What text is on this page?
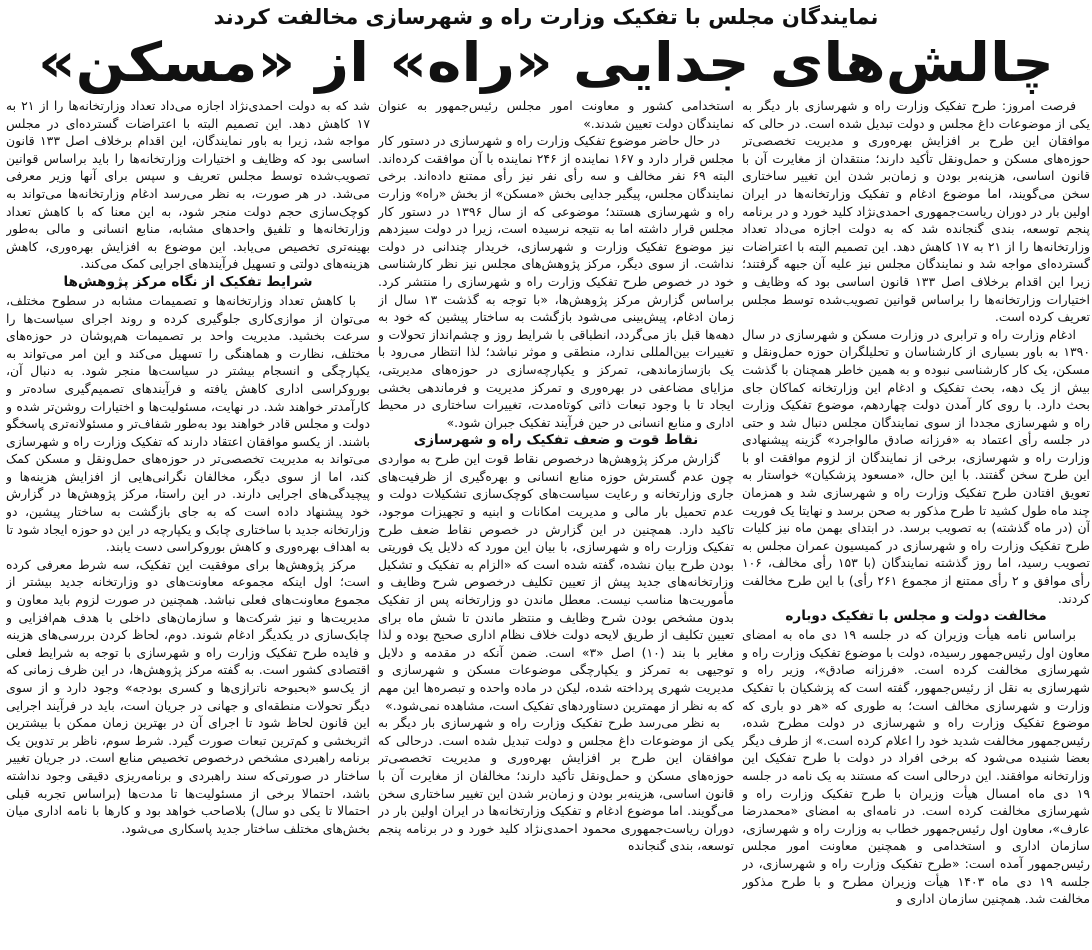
نمایندگان مجلس با تفکیک وزارت راه و شهرسازی مخالفت کردند
چالش‌های جدایی «راه» از «مسکن»

فرصت امروز: طرح تفکیک وزارت راه و شهرسازی بار دیگر به یکی از موضوعات داغ مجلس و دولت تبدیل شده است. در حالی که موافقان این طرح بر افزایش بهره‌وری و مدیریت تخصصی‌تر حوزه‌های مسکن و حمل‌ونقل تأکید دارند؛ منتقدان از مغایرت آن با قانون اساسی، هزینه‌بر بودن و زمان‌بر شدن این تغییر ساختاری سخن می‌گویند، اما موضوع ادغام و تفکیک وزارتخانه‌ها در ایران اولین بار در دوران ریاست‌جمهوری احمدی‌نژاد کلید خورد و در برنامه پنجم توسعه، بندی گنجانده شد که به دولت اجازه می‌داد تعداد وزارتخانه‌ها را از ۲۱ به ۱۷ کاهش دهد. این تصمیم البته با اعتراضات گسترده‌ای مواجه شد و نمایندگان مجلس نیز علیه آن جبهه گرفتند؛ زیرا این اقدام برخلاف اصل ۱۳۳ قانون اساسی بود که وظایف و اختیارات وزارتخانه‌ها را براساس قوانین تصویب‌شده توسط مجلس تعریف کرده است.

ادغام وزارت راه و ترابری در وزارت مسکن و شهرسازی در سال ۱۳۹۰ به باور بسیاری از کارشناسان و تحلیلگران حوزه حمل‌ونقل و مسکن، یک کار کارشناسی نبوده و به همین خاطر همچنان با گذشت بیش از یک دهه، بحث تفکیک و ادغام این وزارتخانه کماکان جای بحث دارد. با روی کار آمدن دولت چهاردهم، موضوع تفکیک وزارت راه و شهرسازی مجددا از سوی نمایندگان مجلس دنبال شد و حتی در جلسه رأی اعتماد به «فرزانه صادق مالواجرد» گزینه پیشنهادی وزارت راه و شهرسازی، برخی از نمایندگان از لزوم موافقت او با این طرح سخن گفتند. با این حال، «مسعود پزشکیان» خواستار به تعویق افتادن طرح تفکیک وزارت راه و شهرسازی شد و همزمان چند ماه طول کشید تا طرح مذکور به صحن برسد و نهایتا یک فوریت آن (در ماه گذشته) به تصویب برسد. در ابتدای بهمن ماه نیز کلیات طرح تفکیک وزارت راه و شهرسازی در کمیسیون عمران مجلس به تصویب رسید، اما روز گذشته نمایندگان (با ۱۵۳ رأی مخالف، ۱۰۶ رأی موافق و ۲ رأی ممتنع از مجموع ۲۶۱ رأی) با این طرح مخالفت کردند.

مخالفت دولت و مجلس با تفکیک دوباره

براساس نامه هیأت وزیران که در جلسه ۱۹ دی ماه به امضای معاون اول رئیس‌جمهور رسیده، دولت با موضوع تفکیک وزارت راه و شهرسازی مخالفت کرده است. «فرزانه صادق»، وزیر راه و شهرسازی به نقل از رئیس‌جمهور، گفته است که پزشکیان با تفکیک وزارت و شهرسازی مخالف است؛ به طوری که «هر دو باری که موضوع تفکیک وزارت راه و شهرسازی در دولت مطرح شده، رئیس‌جمهور مخالفت شدید خود را اعلام کرده است.» از طرف دیگر بعضا شنیده می‌شود که برخی افراد در دولت با طرح تفکیک این وزارتخانه موافقند. این درحالی است که مستند به یک نامه در جلسه ۱۹ دی ماه امسال هیأت وزیران با طرح تفکیک وزارت راه و شهرسازی مخالفت کرده است. در نامه‌ای به امضای «محمدرضا عارف»، معاون اول رئیس‌جمهور خطاب به وزارت راه و شهرسازی، سازمان اداری و استخدامی و همچنین معاونت امور مجلس رئیس‌جمهور آمده است: «طرح تفکیک وزارت راه و شهرسازی، در جلسه ۱۹ دی ماه ۱۴۰۳ هیأت وزیران مطرح و با طرح مذکور مخالفت شد. همچنین سازمان اداری و

استخدامی کشور و معاونت امور مجلس رئیس‌جمهور به عنوان نمایندگان دولت تعیین شدند.»

در حال حاضر موضوع تفکیک وزارت راه و شهرسازی در دستور کار مجلس قرار دارد و ۱۶۷ نماینده از ۲۴۶ نماینده با آن موافقت کرده‌اند. البته ۶۹ نفر مخالف و سه رأی نفر نیز رأی ممتنع داده‌اند. برخی نمایندگان مجلس، پیگیر جدایی بخش «مسکن» از بخش «راه» وزارت راه و شهرسازی هستند؛ موضوعی که از سال ۱۳۹۶ در دستور کار مجلس قرار داشته اما به نتیجه نرسیده است، زیرا در دولت سیزدهم نیز موضوع تفکیک وزارت و شهرسازی، خریدار چندانی در دولت نداشت. از سوی دیگر، مرکز پژوهش‌های مجلس نیز نظر کارشناسی خود در خصوص طرح تفکیک وزارت راه و شهرسازی را منتشر کرد. براساس گزارش مرکز پژوهش‌ها، «با توجه به گذشت ۱۳ سال از زمان ادغام، پیش‌بینی می‌شود بازگشت به ساختار پیشین که خود به دهه‌ها قبل باز می‌گردد، انطباقی با شرایط روز و چشم‌انداز تحولات و تغییرات بین‌المللی ندارد، منطقی و موثر نباشد؛ لذا انتظار می‌رود با یک بازسازماندهی، تمرکز و یکپارچه‌سازی در حوزه‌های مدیریتی، مزایای مضاعفی در بهره‌وری و تمرکز مدیریت و فرماندهی بخشی ایجاد تا با وجود تبعات ذاتی کوتاه‌مدت، تغییرات ساختاری در محیط اداری و منابع انسانی در حین فرآیند تفکیک جبران شود.»

نقاط قوت و ضعف تفکیک راه و شهرسازی

گزارش مرکز پژوهش‌ها درخصوص نقاط قوت این طرح به مواردی چون عدم گسترش حوزه منابع انسانی و بهره‌گیری از ظرفیت‌های جاری وزارتخانه و رعایت سیاست‌های کوچک‌سازی تشکیلات دولت و عدم تحمیل بار مالی و مدیریت امکانات و ابنیه و تجهیزات موجود، تاکید دارد. همچنین در این گزارش در خصوص نقاط ضعف طرح تفکیک وزارت راه و شهرسازی، با بیان این مورد که دلایل یک فوریتی بودن طرح بیان نشده، گفته شده است که «الزام به تفکیک و تشکیل وزارتخانه‌های جدید پیش از تعیین تکلیف درخصوص شرح وظایف و مأموریت‌ها مناسب نیست. معطل ماندن دو وزارتخانه پس از تفکیک بدون مشخص بودن شرح وظایف و منتظر ماندن تا شش ماه برای تعیین تکلیف از طریق لایحه دولت خلاف نظام اداری صحیح بوده و لذا مغایر با بند (۱۰) اصل «۳» است. ضمن آنکه در مقدمه و دلایل توجیهی به تمرکز و یکپارچگی موضوعات مسکن و شهرسازی و مدیریت شهری پرداخته شده، لیکن در ماده واحده و تبصره‌ها این مهم که به نظر از مهمترین دستاوردهای تفکیک است، مشاهده نمی‌شود.»

به نظر می‌رسد طرح تفکیک وزارت راه و شهرسازی بار دیگر به یکی از موضوعات داغ مجلس و دولت تبدیل شده است. درحالی که موافقان این طرح بر افزایش بهره‌وری و مدیریت تخصصی‌تر حوزه‌های مسکن و حمل‌ونقل تأکید دارند؛ مخالفان از مغایرت آن با قانون اساسی، هزینه‌بر بودن و زمان‌بر شدن این تغییر ساختاری سخن می‌گویند. اما موضوع ادغام و تفکیک وزارتخانه‌ها در ایران اولین بار در دوران ریاست‌جمهوری محمود احمدی‌نژاد کلید خورد و در برنامه پنجم توسعه، بندی گنجانده

شد که به دولت احمدی‌نژاد اجازه می‌داد تعداد وزارتخانه‌ها را از ۲۱ به ۱۷ کاهش دهد. این تصمیم البته با اعتراضات گسترده‌ای در مجلس مواجه شد، زیرا به باور نمایندگان، این اقدام برخلاف اصل ۱۳۳ قانون اساسی بود که وظایف و اختیارات وزارتخانه‌ها را باید براساس قوانین تصویب‌شده توسط مجلس تعریف و سپس برای آنها وزیر معرفی می‌شد. در هر صورت، به نظر می‌رسد ادغام وزارتخانه‌ها می‌تواند به کوچک‌سازی حجم دولت منجر شود، به این معنا که با کاهش تعداد وزارتخانه‌ها و تلفیق واحدهای مشابه، منابع انسانی و مالی به‌طور بهینه‌تری تخصیص می‌یابد. این موضوع به افزایش بهره‌وری، کاهش هزینه‌های دولتی و تسهیل فرآیندهای اجرایی کمک می‌کند.

شرایط تفکیک از نگاه مرکز پژوهش‌ها

با کاهش تعداد وزارتخانه‌ها و تصمیمات مشابه در سطوح مختلف، می‌توان از موازی‌کاری جلوگیری کرده و روند اجرای سیاست‌ها را سرعت بخشید. مدیریت واحد بر تصمیمات هم‌پوشان در حوزه‌های مختلف، نظارت و هماهنگی را تسهیل می‌کند و این امر می‌تواند به یکپارچگی و انسجام بیشتر در سیاست‌ها منجر شود. به دنبال آن، بوروکراسی اداری کاهش یافته و فرآیندهای تصمیم‌گیری ساده‌تر و کارآمدتر خواهند شد. در نهایت، مسئولیت‌ها و اختیارات روشن‌تر شده و دولت و مجلس قادر خواهند بود به‌طور شفاف‌تر و مسئولانه‌تری پاسخگو باشند. از یکسو موافقان اعتقاد دارند که تفکیک وزارت راه و شهرسازی می‌تواند به مدیریت تخصصی‌تر در حوزه‌های حمل‌ونقل و مسکن کمک کند، اما از سوی دیگر، مخالفان نگرانی‌هایی از افزایش هزینه‌ها و پیچیدگی‌های اجرایی دارند. در این راستا، مرکز پژوهش‌ها در گزارش خود پیشنهاد داده است که به جای بازگشت به ساختار پیشین، دو وزارتخانه جدید با ساختاری چابک و یکپارچه در این دو حوزه ایجاد شود تا به اهداف بهره‌وری و کاهش بوروکراسی دست یابند.

مرکز پژوهش‌ها برای موفقیت این تفکیک، سه شرط معرفی کرده است؛ اول اینکه مجموعه معاونت‌های دو وزارتخانه جدید بیشتر از مجموع معاونت‌های فعلی نباشد. همچنین در صورت لزوم باید معاون و مدیریت‌ها و نیز شرکت‌ها و سازمان‌های داخلی با هدف هم‌افزایی و چابک‌سازی در یکدیگر ادغام شوند. دوم، لحاظ کردن بررسی‌های هزینه و فایده طرح تفکیک وزارت راه و شهرسازی با توجه به شرایط فعلی اقتصادی کشور است. به گفته مرکز پژوهش‌ها، در این ظرف زمانی که از یک‌سو «بحبوحه ناترازی‌ها و کسری بودجه» وجود دارد و از سوی دیگر تحولات منطقه‌ای و جهانی در جریان است، باید در فرآیند اجرایی این قانون لحاظ شود تا اجرای آن در بهترین زمان ممکن با بیشترین اثربخشی و کم‌ترین تبعات صورت گیرد. شرط سوم، ناظر بر تدوین یک برنامه راهبردی مشخص درخصوص تخصیص منابع است. در جریان تغییر ساختار در صورتی‌که سند راهبردی و برنامه‌ریزی دقیقی وجود نداشته باشد، احتمالا برخی از مسئولیت‌ها تا مدت‌ها (براساس تجربه قبلی احتمالا تا یکی دو سال) بلاصاحب خواهد بود و کارها با نامه اداری میان بخش‌های مختلف ساختار جدید پاسکاری می‌شود.
